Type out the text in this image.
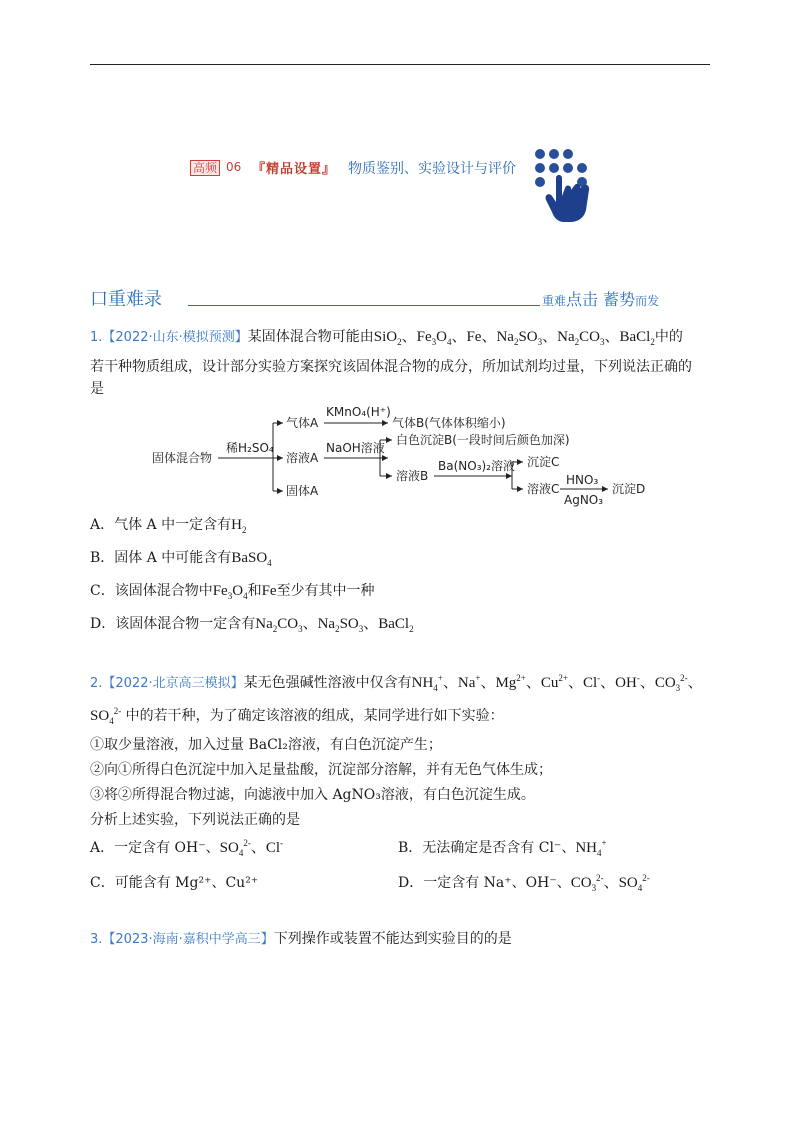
高频 06 『精品设置』 物质鉴别、实验设计与评价
口重难录	重难点击 蓄势而发
1.【2022·山东·模拟预测】某固体混合物可能由SiO$_2$、$Fe_3O_4$、Fe、$Na_2SO_3$、$Na_2CO_3$、BaCl$_2$中的
若干种物质组成，设计部分实验方案探究该固体混合物的成分，所加试剂均过量，下列说法正确的
是
固体混合物
稀H₂SO₄
气体A
KMnO₄(H⁺)
气体B(气体体积缩小)
溶液A
NaOH溶液
白色沉淀B(一段时间后颜色加深)
溶液B
Ba(NO₃)₂溶液 沉淀C
溶液C
HNO₃
AgNO₃
沉淀D
固体A
A．气体 A 中一定含有$H_2$
B．固体 A 中可能含有BaSO$_4$
C．该固体混合物中$Fe_3O_4$和Fe至少有其中一种
D．该固体混合物一定含有$Na_2CO_3$、$Na_2SO_3$、BaCl$_2$
2.【2022·北京高三模拟】某无色强碱性溶液中仅含有$NH_4^+$、Na+、$Mg^{2+}$、$Cu^{2+}$、Cl-、OH-、$CO_3^{2-}$、
$SO_4^{2-}$ 中的若干种，为了确定该溶液的组成，某同学进行如下实验：
①取少量溶液，加入过量 BaCl₂溶液，有白色沉淀产生；
②向①所得白色沉淀中加入足量盐酸，沉淀部分溶解，并有无色气体生成；
③将②所得混合物过滤，向滤液中加入 AgNO₃溶液，有白色沉淀生成。
分析上述实验，下列说法正确的是
A．一定含有 OH⁻、$SO_4^{2-}$、Cl-	B．无法确定是否含有 Cl⁻、$NH_4^+$
C．可能含有 Mg²⁺、Cu²⁺	D．一定含有 Na⁺、OH⁻、$CO_3^{2-}$、$SO_4^{2-}$
3.【2023·海南·嘉积中学高三】下列操作或装置不能达到实验目的的是
